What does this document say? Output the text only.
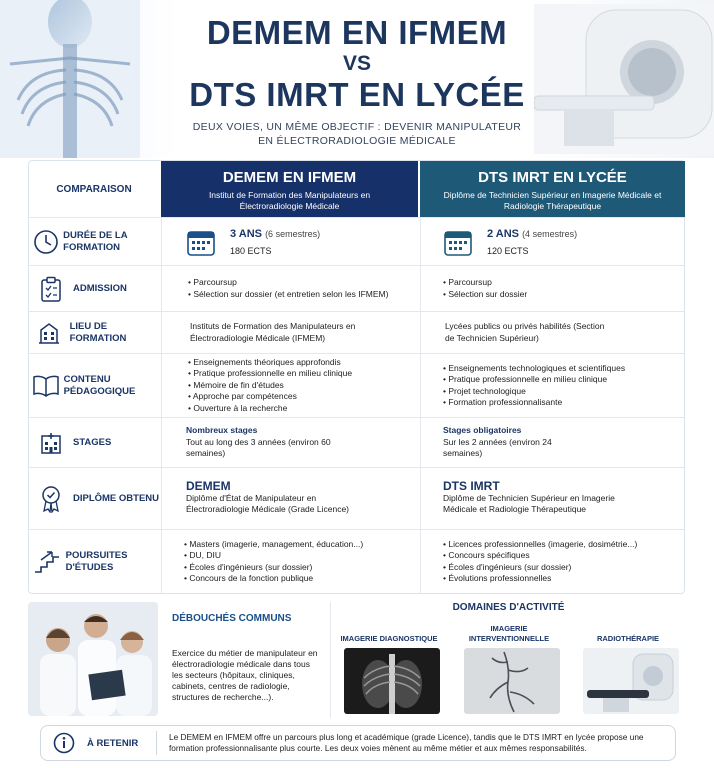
DEMEM EN IFMEM
VS
DTS IMRT EN LYCÉE
DEUX VOIES, UN MÊME OBJECTIF : DEVENIR MANIPULATEUR EN ÉLECTRORADIOLOGIE MÉDICALE
COMPARAISON
DEMEM EN IFMEM
Institut de Formation des Manipulateurs en Électroradiologie Médicale
DTS IMRT EN LYCÉE
Diplôme de Technicien Supérieur en Imagerie Médicale et Radiologie Thérapeutique
DURÉE DE LA FORMATION
3 ANS (6 semestres)
180 ECTS
2 ANS (4 semestres)
120 ECTS
ADMISSION
• Parcoursup
• Sélection sur dossier (et entretien selon les IFMEM)
• Parcoursup
• Sélection sur dossier
LIEU DE FORMATION
Instituts de Formation des Manipulateurs en Électroradiologie Médicale (IFMEM)
Lycées publics ou privés habilités (Section de Technicien Supérieur)
CONTENU PÉDAGOGIQUE
• Enseignements théoriques approfondis
• Pratique professionnelle en milieu clinique
• Mémoire de fin d'études
• Approche par compétences
• Ouverture à la recherche
• Enseignements technologiques et scientifiques
• Pratique professionnelle en milieu clinique
• Projet technologique
• Formation professionnalisante
STAGES
Nombreux stages
Tout au long des 3 années (environ 60 semaines)
Stages obligatoires
Sur les 2 années (environ 24 semaines)
DIPLÔME OBTENU
DEMEM
Diplôme d'État de Manipulateur en Électroradiologie Médicale (Grade Licence)
DTS IMRT
Diplôme de Technicien Supérieur en Imagerie Médicale et Radiologie Thérapeutique
POURSUITES D'ÉTUDES
• Masters (imagerie, management, éducation...)
• DU, DIU
• Écoles d'ingénieurs (sur dossier)
• Concours de la fonction publique
• Licences professionnelles (imagerie, dosimétrie...)
• Concours spécifiques
• Écoles d'ingénieurs (sur dossier)
• Évolutions professionnelles
DÉBOUCHÉS COMMUNS
Exercice du métier de manipulateur en électroradiologie médicale dans tous les secteurs (hôpitaux, cliniques, cabinets, centres de radiologie, structures de recherche...).
DOMAINES D'ACTIVITÉ
IMAGERIE DIAGNOSTIQUE
IMAGERIE INTERVENTIONNELLE	RADIOTHÉRAPIE
À RETENIR
Le DEMEM en IFMEM offre un parcours plus long et académique (grade Licence), tandis que le DTS IMRT en lycée propose une formation professionnalisante plus courte. Les deux voies mènent au même métier et aux mêmes responsabilités.
